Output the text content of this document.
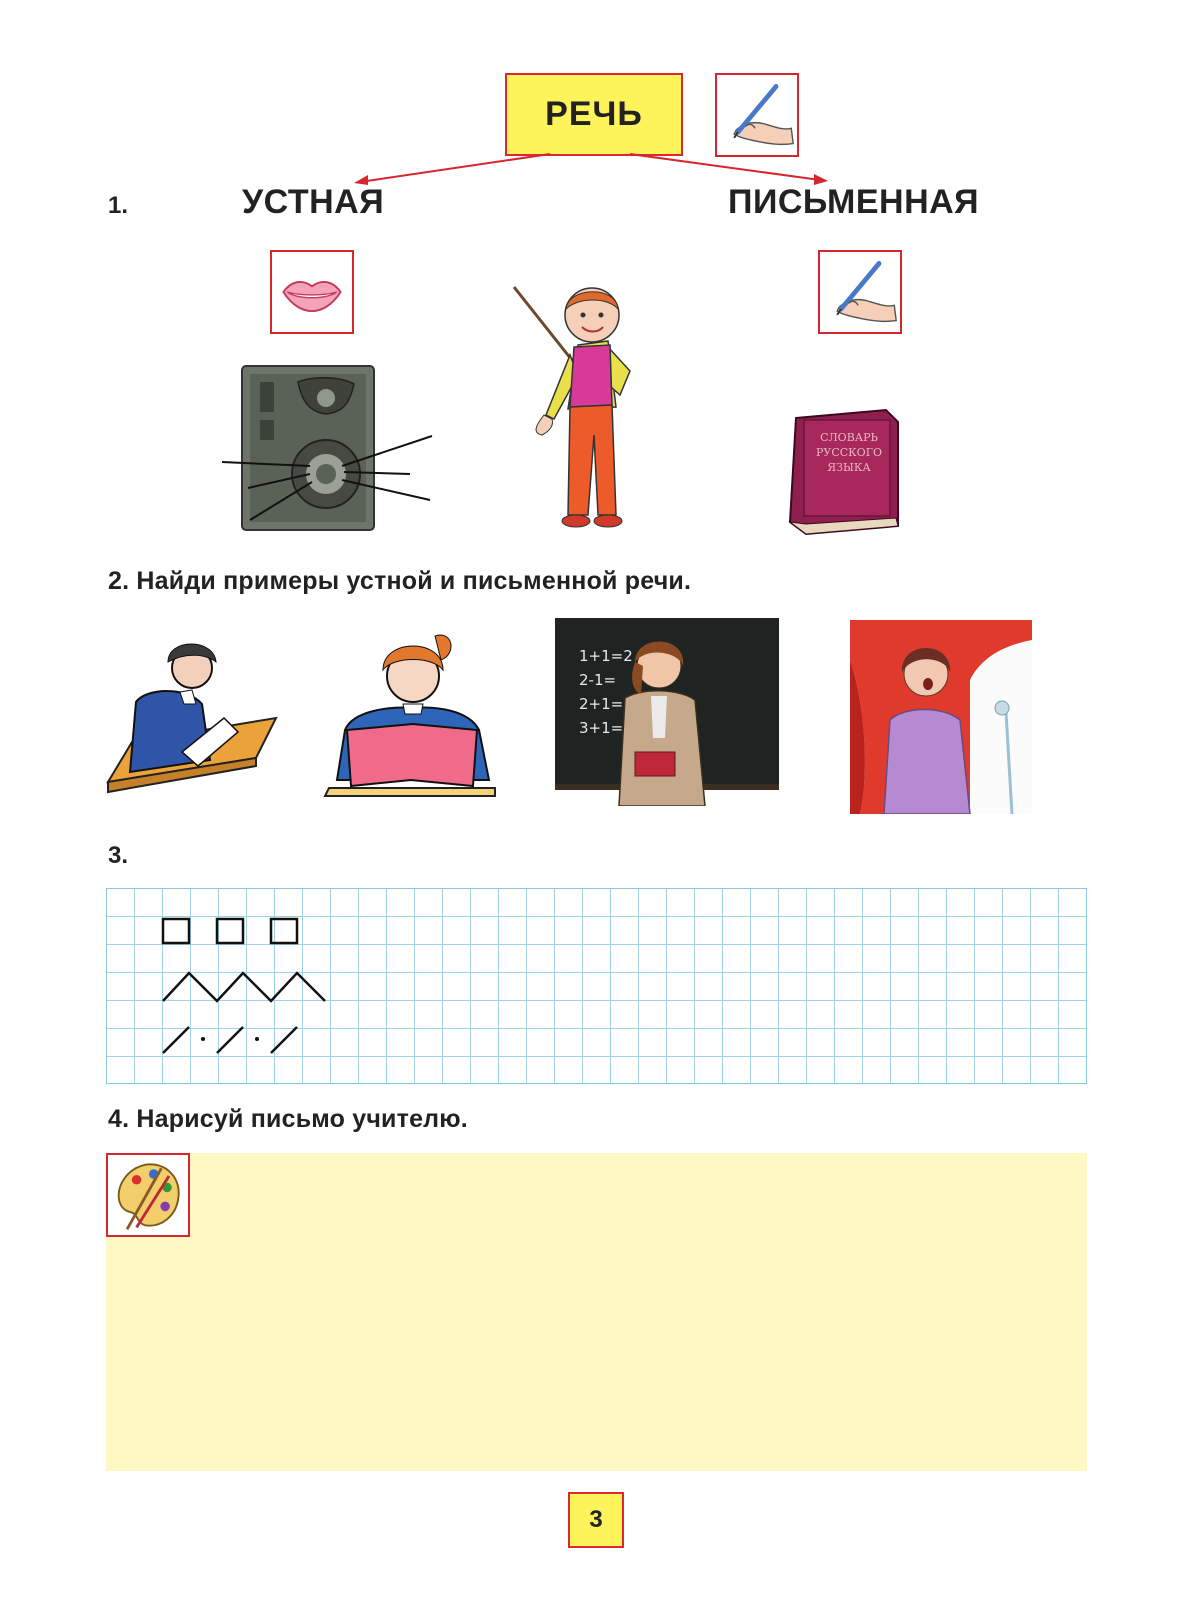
РЕЧЬ
1.	УСТНАЯ	ПИСЬМЕННАЯ
СЛОВАРЬ
РУССКОГО
ЯЗЫКА
2. Найди примеры устной и письменной речи.
1+1=2
2-1=
2+1=
3+1=
3.
4. Нарисуй письмо учителю.
3
